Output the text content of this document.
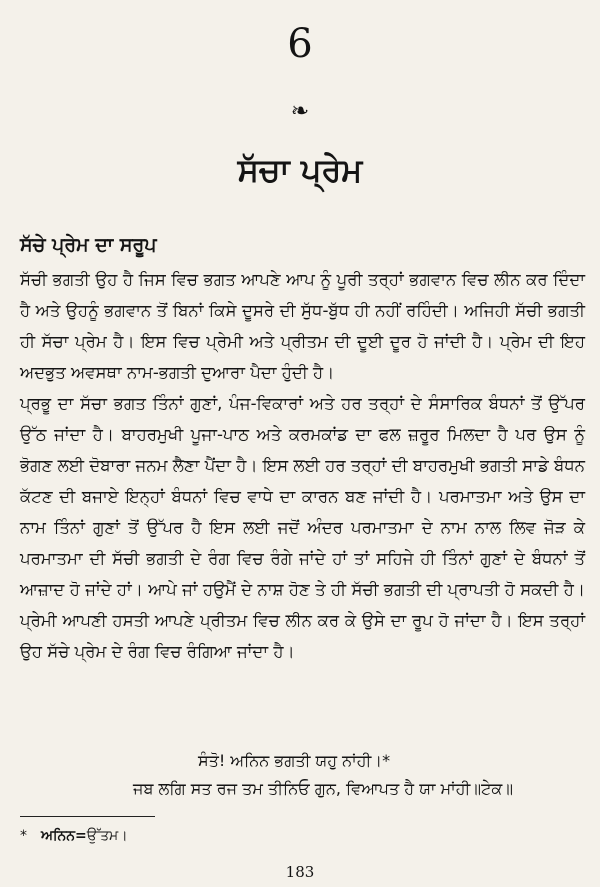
6
❧
ਸੱਚਾ ਪ੍ਰੇਮ
ਸੱਚੇ ਪ੍ਰੇਮ ਦਾ ਸਰੂਪ

ਸੱਚੀ ਭਗਤੀ ਉਹ ਹੈ ਜਿਸ ਵਿਚ ਭਗਤ ਆਪਣੇ ਆਪ ਨੂੰ ਪੂਰੀ ਤਰ੍ਹਾਂ ਭਗਵਾਨ ਵਿਚ ਲੀਨ ਕਰ ਦਿੰਦਾ ਹੈ ਅਤੇ ਉਹਨੂੰ ਭਗਵਾਨ ਤੋਂ ਬਿਨਾਂ ਕਿਸੇ ਦੂਸਰੇ ਦੀ ਸੁੱਧ-ਬੁੱਧ ਹੀ ਨਹੀਂ ਰਹਿੰਦੀ। ਅਜਿਹੀ ਸੱਚੀ ਭਗਤੀ ਹੀ ਸੱਚਾ ਪ੍ਰੇਮ ਹੈ। ਇਸ ਵਿਚ ਪ੍ਰੇਮੀ ਅਤੇ ਪ੍ਰੀਤਮ ਦੀ ਦੂਈ ਦੂਰ ਹੋ ਜਾਂਦੀ ਹੈ। ਪ੍ਰੇਮ ਦੀ ਇਹ ਅਦਭੁਤ ਅਵਸਥਾ ਨਾਮ-ਭਗਤੀ ਦੁਆਰਾ ਪੈਦਾ ਹੁੰਦੀ ਹੈ।

ਪ੍ਰਭੂ ਦਾ ਸੱਚਾ ਭਗਤ ਤਿੰਨਾਂ ਗੁਣਾਂ, ਪੰਜ-ਵਿਕਾਰਾਂ ਅਤੇ ਹਰ ਤਰ੍ਹਾਂ ਦੇ ਸੰਸਾਰਿਕ ਬੰਧਨਾਂ ਤੋਂ ਉੱਪਰ ਉੱਠ ਜਾਂਦਾ ਹੈ। ਬਾਹਰਮੁਖੀ ਪੂਜਾ-ਪਾਠ ਅਤੇ ਕਰਮਕਾਂਡ ਦਾ ਫਲ ਜ਼ਰੂਰ ਮਿਲਦਾ ਹੈ ਪਰ ਉਸ ਨੂੰ ਭੋਗਣ ਲਈ ਦੋਬਾਰਾ ਜਨਮ ਲੈਣਾ ਪੈਂਦਾ ਹੈ। ਇਸ ਲਈ ਹਰ ਤਰ੍ਹਾਂ ਦੀ ਬਾਹਰਮੁਖੀ ਭਗਤੀ ਸਾਡੇ ਬੰਧਨ ਕੱਟਣ ਦੀ ਬਜਾਏ ਇਨ੍ਹਾਂ ਬੰਧਨਾਂ ਵਿਚ ਵਾਧੇ ਦਾ ਕਾਰਨ ਬਣ ਜਾਂਦੀ ਹੈ। ਪਰਮਾਤਮਾ ਅਤੇ ਉਸ ਦਾ ਨਾਮ ਤਿੰਨਾਂ ਗੁਣਾਂ ਤੋਂ ਉੱਪਰ ਹੈ ਇਸ ਲਈ ਜਦੋਂ ਅੰਦਰ ਪਰਮਾਤਮਾ ਦੇ ਨਾਮ ਨਾਲ ਲਿਵ ਜੋੜ ਕੇ ਪਰਮਾਤਮਾ ਦੀ ਸੱਚੀ ਭਗਤੀ ਦੇ ਰੰਗ ਵਿਚ ਰੰਗੇ ਜਾਂਦੇ ਹਾਂ ਤਾਂ ਸਹਿਜੇ ਹੀ ਤਿੰਨਾਂ ਗੁਣਾਂ ਦੇ ਬੰਧਨਾਂ ਤੋਂ ਆਜ਼ਾਦ ਹੋ ਜਾਂਦੇ ਹਾਂ। ਆਪੇ ਜਾਂ ਹਉਮੈਂ ਦੇ ਨਾਸ਼ ਹੋਣ ਤੇ ਹੀ ਸੱਚੀ ਭਗਤੀ ਦੀ ਪ੍ਰਾਪਤੀ ਹੋ ਸਕਦੀ ਹੈ। ਪ੍ਰੇਮੀ ਆਪਣੀ ਹਸਤੀ ਆਪਣੇ ਪ੍ਰੀਤਮ ਵਿਚ ਲੀਨ ਕਰ ਕੇ ਉਸੇ ਦਾ ਰੂਪ ਹੋ ਜਾਂਦਾ ਹੈ। ਇਸ ਤਰ੍ਹਾਂ ਉਹ ਸੱਚੇ ਪ੍ਰੇਮ ਦੇ ਰੰਗ ਵਿਚ ਰੰਗਿਆ ਜਾਂਦਾ ਹੈ।

ਸੰਤੋ! ਅਨਿਨ ਭਗਤੀ ਯਹੁ ਨਾਂਹੀ।*
ਜਬ ਲਗਿ ਸਤ ਰਜ ਤਮ ਤੀਨਿਓ ਗੁਨ, ਵਿਆਪਤ ਹੈ ਯਾ ਮਾਂਹੀ॥ਟੇਕ॥
* ਅਨਿਨ=ਉੱਤਮ।
183
